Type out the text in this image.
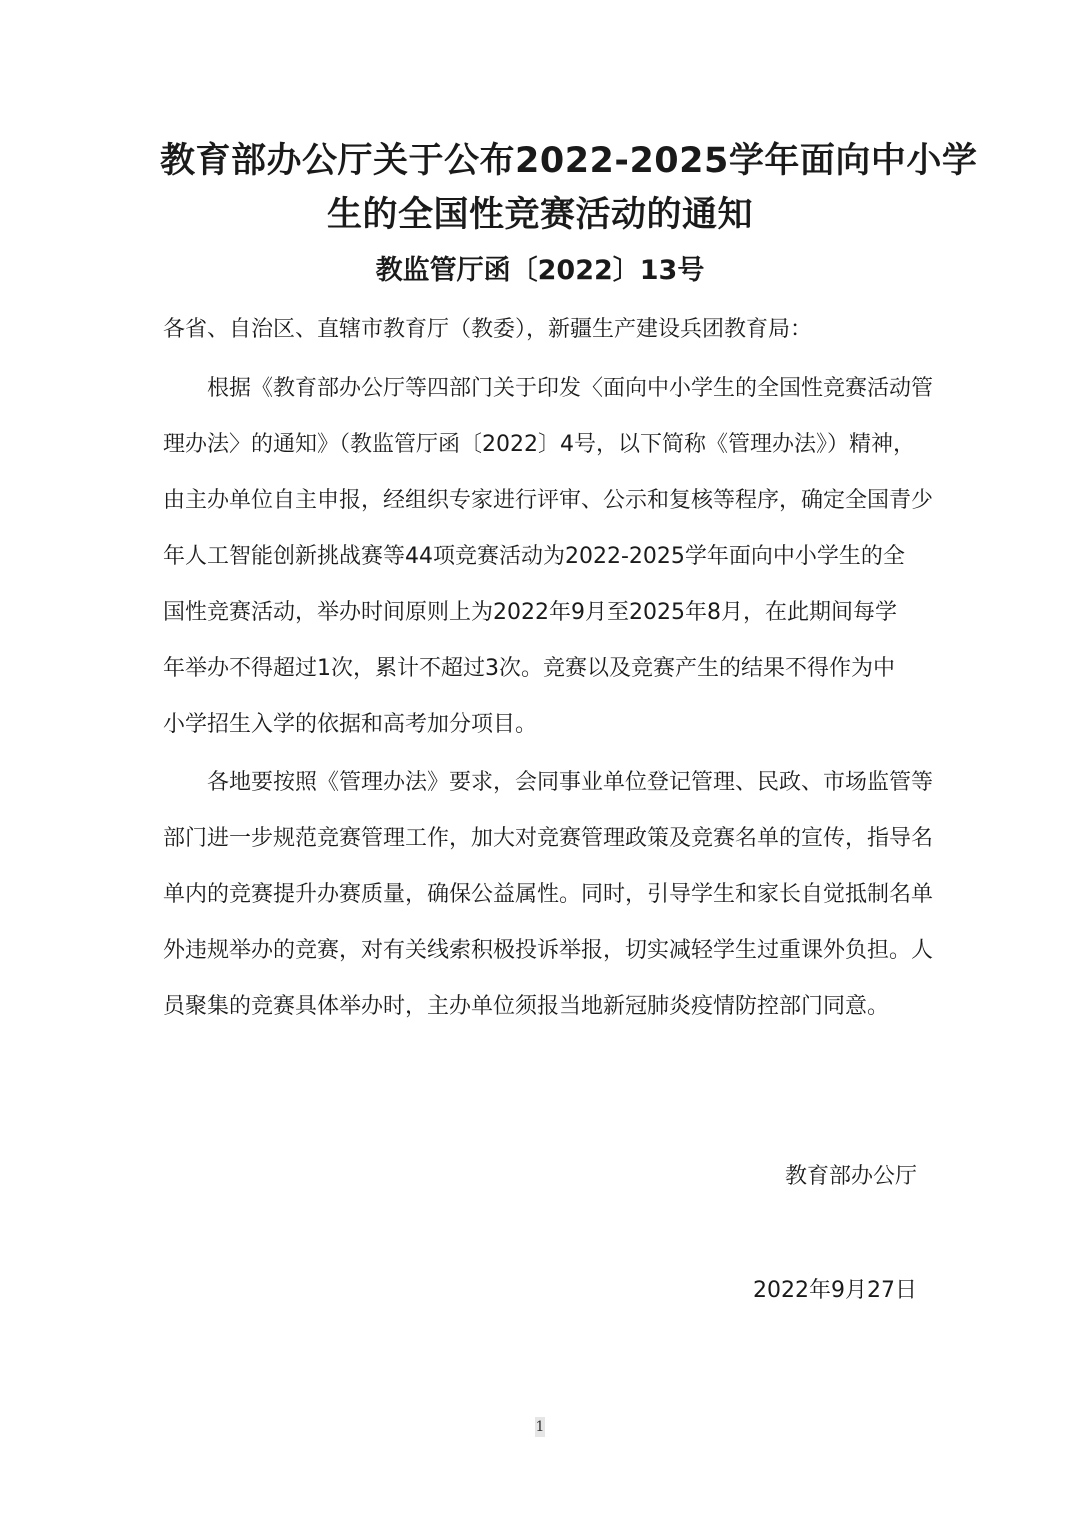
教育部办公厅关于公布2022-2025学年面向中小学
生的全国性竞赛活动的通知
教监管厅函〔2022〕13号
各省、自治区、直辖市教育厅（教委），新疆生产建设兵团教育局：
根据《教育部办公厅等四部门关于印发〈面向中小学生的全国性竞赛活动管
理办法〉的通知》（教监管厅函〔2022〕4号，以下简称《管理办法》）精神，
由主办单位自主申报，经组织专家进行评审、公示和复核等程序，确定全国青少
年人工智能创新挑战赛等44项竞赛活动为2022-2025学年面向中小学生的全
国性竞赛活动，举办时间原则上为2022年9月至2025年8月，在此期间每学
年举办不得超过1次，累计不超过3次。竞赛以及竞赛产生的结果不得作为中
小学招生入学的依据和高考加分项目。
各地要按照《管理办法》要求，会同事业单位登记管理、民政、市场监管等
部门进一步规范竞赛管理工作，加大对竞赛管理政策及竞赛名单的宣传，指导名
单内的竞赛提升办赛质量，确保公益属性。同时，引导学生和家长自觉抵制名单
外违规举办的竞赛，对有关线索积极投诉举报，切实减轻学生过重课外负担。人
员聚集的竞赛具体举办时，主办单位须报当地新冠肺炎疫情防控部门同意。
教育部办公厅
2022年9月27日
1
